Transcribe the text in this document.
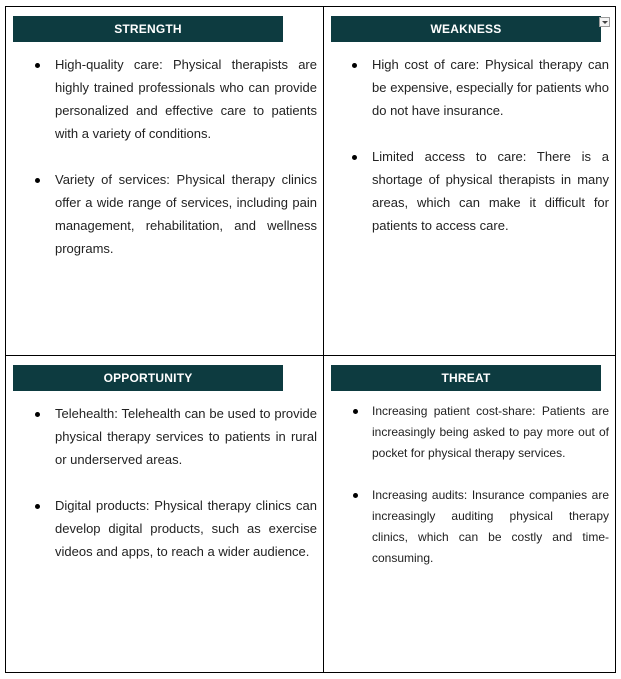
STRENGTH
High-quality care: Physical therapists are highly trained professionals who can provide personalized and effective care to patients with a variety of conditions.
Variety of services: Physical therapy clinics offer a wide range of services, including pain management, rehabilitation, and wellness programs.
WEAKNESS
High cost of care: Physical therapy can be expensive, especially for patients who do not have insurance.
Limited access to care: There is a shortage of physical therapists in many areas, which can make it difficult for patients to access care.
OPPORTUNITY
Telehealth: Telehealth can be used to provide physical therapy services to patients in rural or underserved areas.
Digital products: Physical therapy clinics can develop digital products, such as exercise videos and apps, to reach a wider audience.
THREAT
Increasing patient cost-share: Patients are increasingly being asked to pay more out of pocket for physical therapy services.
Increasing audits: Insurance companies are increasingly auditing physical therapy clinics, which can be costly and time-consuming.
